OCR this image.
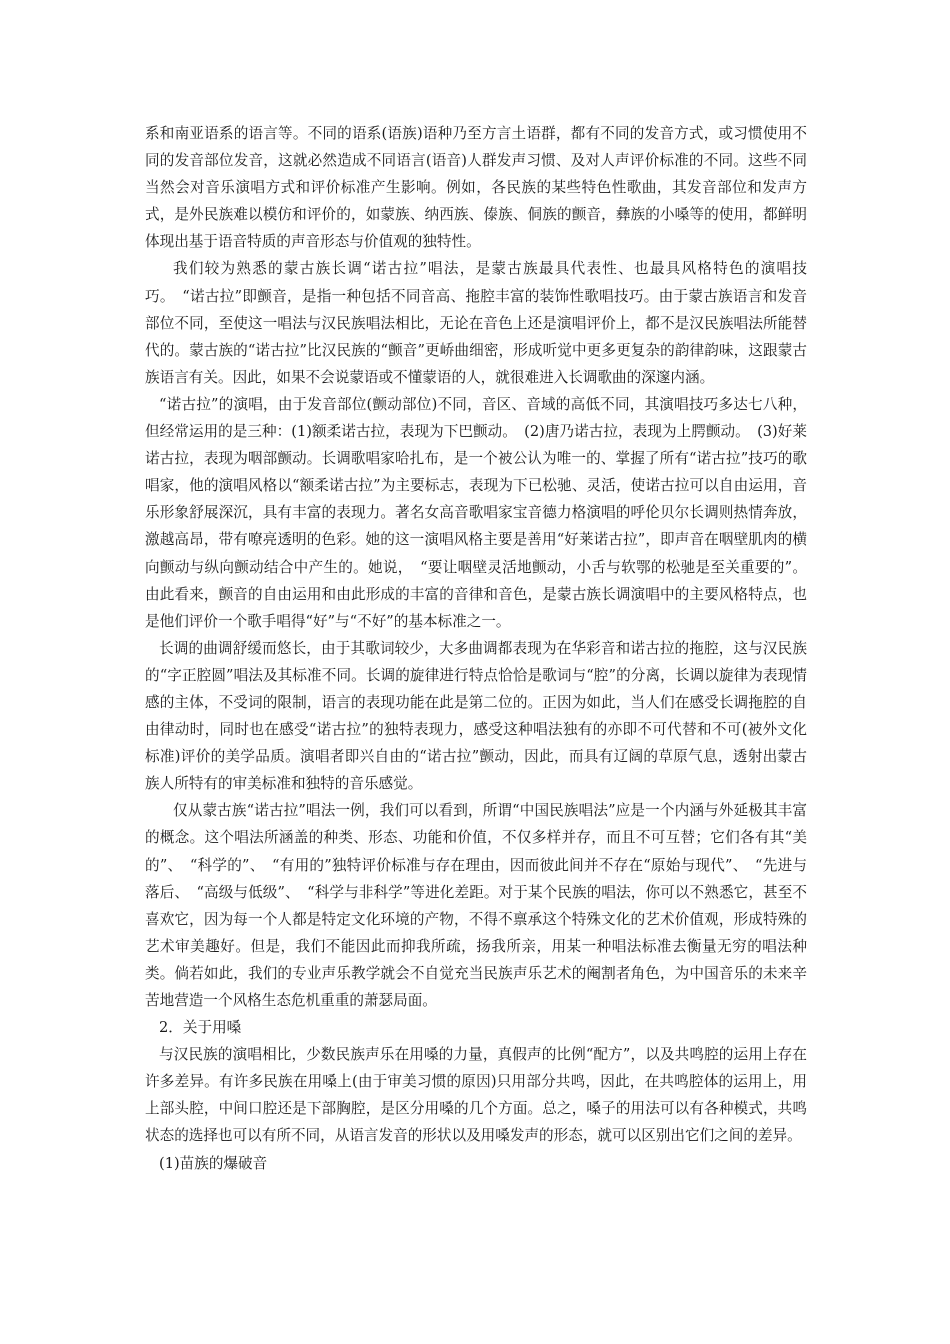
系和南亚语系的语言等。不同的语系(语族)语种乃至方言土语群，都有不同的发音方式，或习惯使用不同的发音部位发音，这就必然造成不同语言(语音)人群发声习惯、及对人声评价标准的不同。这些不同当然会对音乐演唱方式和评价标准产生影响。例如，各民族的某些特色性歌曲，其发音部位和发声方式，是外民族难以模仿和评价的，如蒙族、纳西族、傣族、侗族的颤音，彝族的小嗓等的使用，都鲜明体现出基于语音特质的声音形态与价值观的独特性。

我们较为熟悉的蒙古族长调“诺古拉”唱法，是蒙古族最具代表性、也最具风格特色的演唱技巧。　“诺古拉”即颤音，是指一种包括不同音高、拖腔丰富的装饰性歌唱技巧。由于蒙古族语言和发音部位不同，至使这一唱法与汉民族唱法相比，无论在音色上还是演唱评价上，都不是汉民族唱法所能替代的。蒙古族的“诺古拉”比汉民族的“颤音”更峤曲细密，形成听觉中更多更复杂的韵律韵味，这跟蒙古族语言有关。因此，如果不会说蒙语或不懂蒙语的人，就很难进入长调歌曲的深邃内涵。

“诺古拉”的演唱，由于发音部位(颤动部位)不同，音区、音域的高低不同，其演唱技巧多达七八种，但经常运用的是三种：(1)额柔诺古拉，表现为下巴颤动。　(2)唐乃诺古拉，表现为上腭颤动。　(3)好莱诺古拉，表现为咽部颤动。长调歌唱家哈扎布，是一个被公认为唯一的、掌握了所有“诺古拉”技巧的歌唱家，他的演唱风格以“额柔诺古拉”为主要标志，表现为下已松驰、灵活，使诺古拉可以自由运用，音乐形象舒展深沉，具有丰富的表现力。著名女高音歌唱家宝音德力格演唱的呼伦贝尔长调则热情奔放，激越高昂，带有嘹亮透明的色彩。她的这一演唱风格主要是善用“好莱诺古拉”，即声音在咽壁肌肉的横向颤动与纵向颤动结合中产生的。她说，　“要让咽壁灵活地颤动，小舌与软鄂的松驰是至关重要的”。由此看来，颤音的自由运用和由此形成的丰富的音律和音色，是蒙古族长调演唱中的主要风格特点，也是他们评价一个歌手唱得“好”与“不好”的基本标准之一。

长调的曲调舒缓而悠长，由于其歌词较少，大多曲调都表现为在华彩音和诺古拉的拖腔，这与汉民族的“字正腔圆”唱法及其标准不同。长调的旋律进行特点恰恰是歌词与“腔”的分离，长调以旋律为表现情感的主体，不受词的限制，语言的表现功能在此是第二位的。正因为如此，当人们在感受长调拖腔的自由律动时，同时也在感受“诺古拉”的独特表现力，感受这种唱法独有的亦即不可代替和不可(被外文化标准)评价的美学品质。演唱者即兴自由的“诺古拉”颤动，因此，而具有辽阔的草原气息，透射出蒙古族人所特有的审美标准和独特的音乐感觉。

仅从蒙古族“诺古拉”唱法一例，我们可以看到，所谓“中国民族唱法”应是一个内涵与外延极其丰富的概念。这个唱法所涵盖的种类、形态、功能和价值，不仅多样并存，而且不可互替；它们各有其“美的”、　“科学的”、　“有用的”独特评价标准与存在理由，因而彼此间并不存在“原始与现代”、　“先进与落后、　“高级与低级”、　“科学与非科学”等进化差距。对于某个民族的唱法，你可以不熟悉它，甚至不喜欢它，因为每一个人都是特定文化环境的产物，不得不禀承这个特殊文化的艺术价值观，形成特殊的艺术审美趣好。但是，我们不能因此而抑我所疏，扬我所亲，用某一种唱法标准去衡量无穷的唱法种类。倘若如此，我们的专业声乐教学就会不自觉充当民族声乐艺术的阉割者角色，为中国音乐的未来辛苦地营造一个风格生态危机重重的萧瑟局面。

2．关于用嗓

与汉民族的演唱相比，少数民族声乐在用嗓的力量，真假声的比例“配方”，以及共鸣腔的运用上存在许多差异。有许多民族在用嗓上(由于审美习惯的原因)只用部分共鸣，因此，在共鸣腔体的运用上，用上部头腔，中间口腔还是下部胸腔，是区分用嗓的几个方面。总之，嗓子的用法可以有各种模式，共鸣状态的选择也可以有所不同，从语言发音的形状以及用嗓发声的形态，就可以区别出它们之间的差异。

(1)苗族的爆破音
